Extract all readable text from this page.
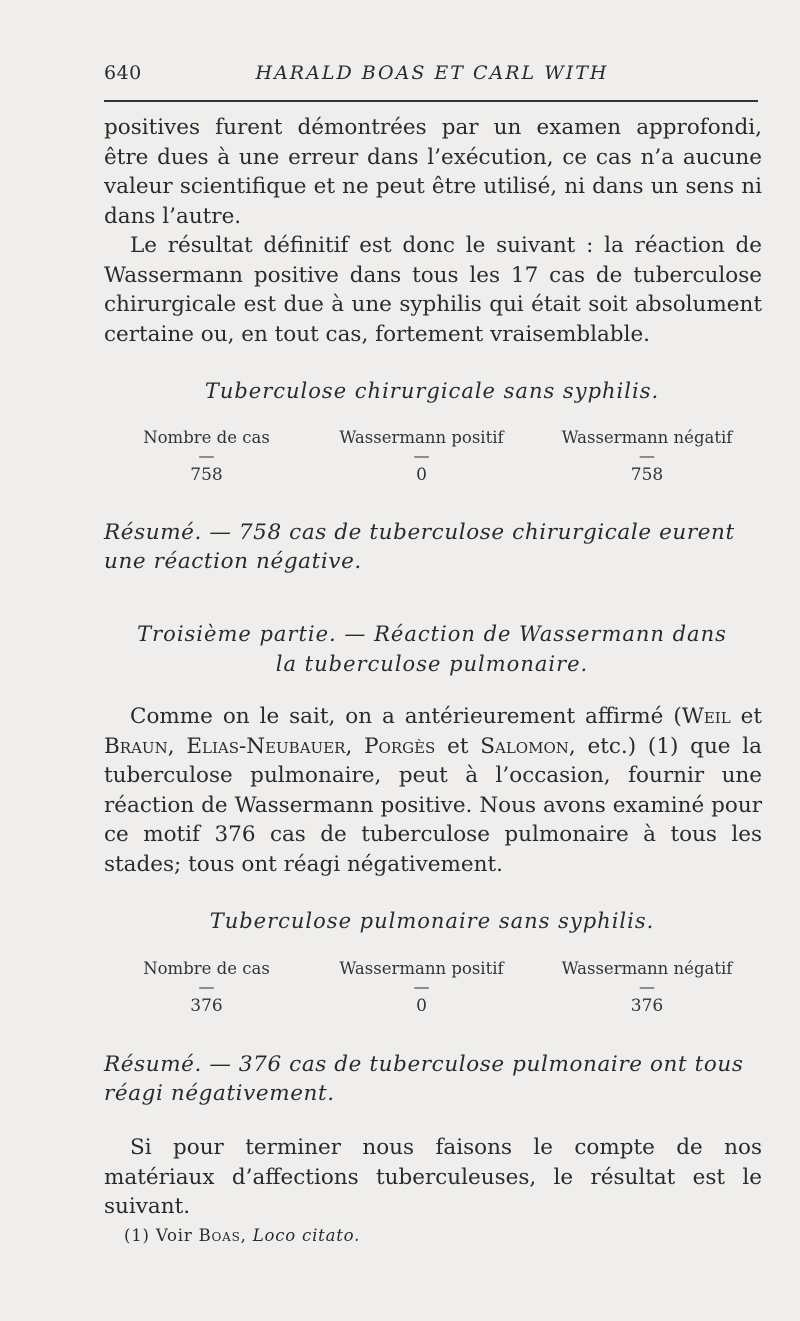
640	HARALD BOAS ET CARL WITH

positives furent démontrées par un examen approfondi, être dues à une erreur dans l’exécution, ce cas n’a aucune valeur scientifique et ne peut être utilisé, ni dans un sens ni dans l’autre.

Le résultat définitif est donc le suivant : la réaction de Wassermann positive dans tous les 17 cas de tuberculose chirurgicale est due à une syphilis qui était soit absolument certaine ou, en tout cas, fortement vraisemblable.

Tuberculose chirurgicale sans syphilis.
Nombre de cas	Wassermann positif	Wassermann négatif
—	—	—
758	0	758
Résumé. — 758 cas de tuberculose chirurgicale eurent une réaction négative.
Troisième partie. — Réaction de Wassermann dans
la tuberculose pulmonaire.

Comme on le sait, on a antérieurement affirmé (Weil et Braun, Elias-Neubauer, Porgès et Salomon, etc.) (1) que la tuberculose pulmonaire, peut à l’occasion, fournir une réaction de Wassermann positive. Nous avons examiné pour ce motif 376 cas de tuberculose pulmonaire à tous les stades; tous ont réagi négativement.

Tuberculose pulmonaire sans syphilis.
Nombre de cas	Wassermann positif	Wassermann négatif
—	—	—
376	0	376
Résumé. — 376 cas de tuberculose pulmonaire ont tous réagi négativement.

Si pour terminer nous faisons le compte de nos matériaux d’affections tuberculeuses, le résultat est le suivant.

(1) Voir Boas, Loco citato.
